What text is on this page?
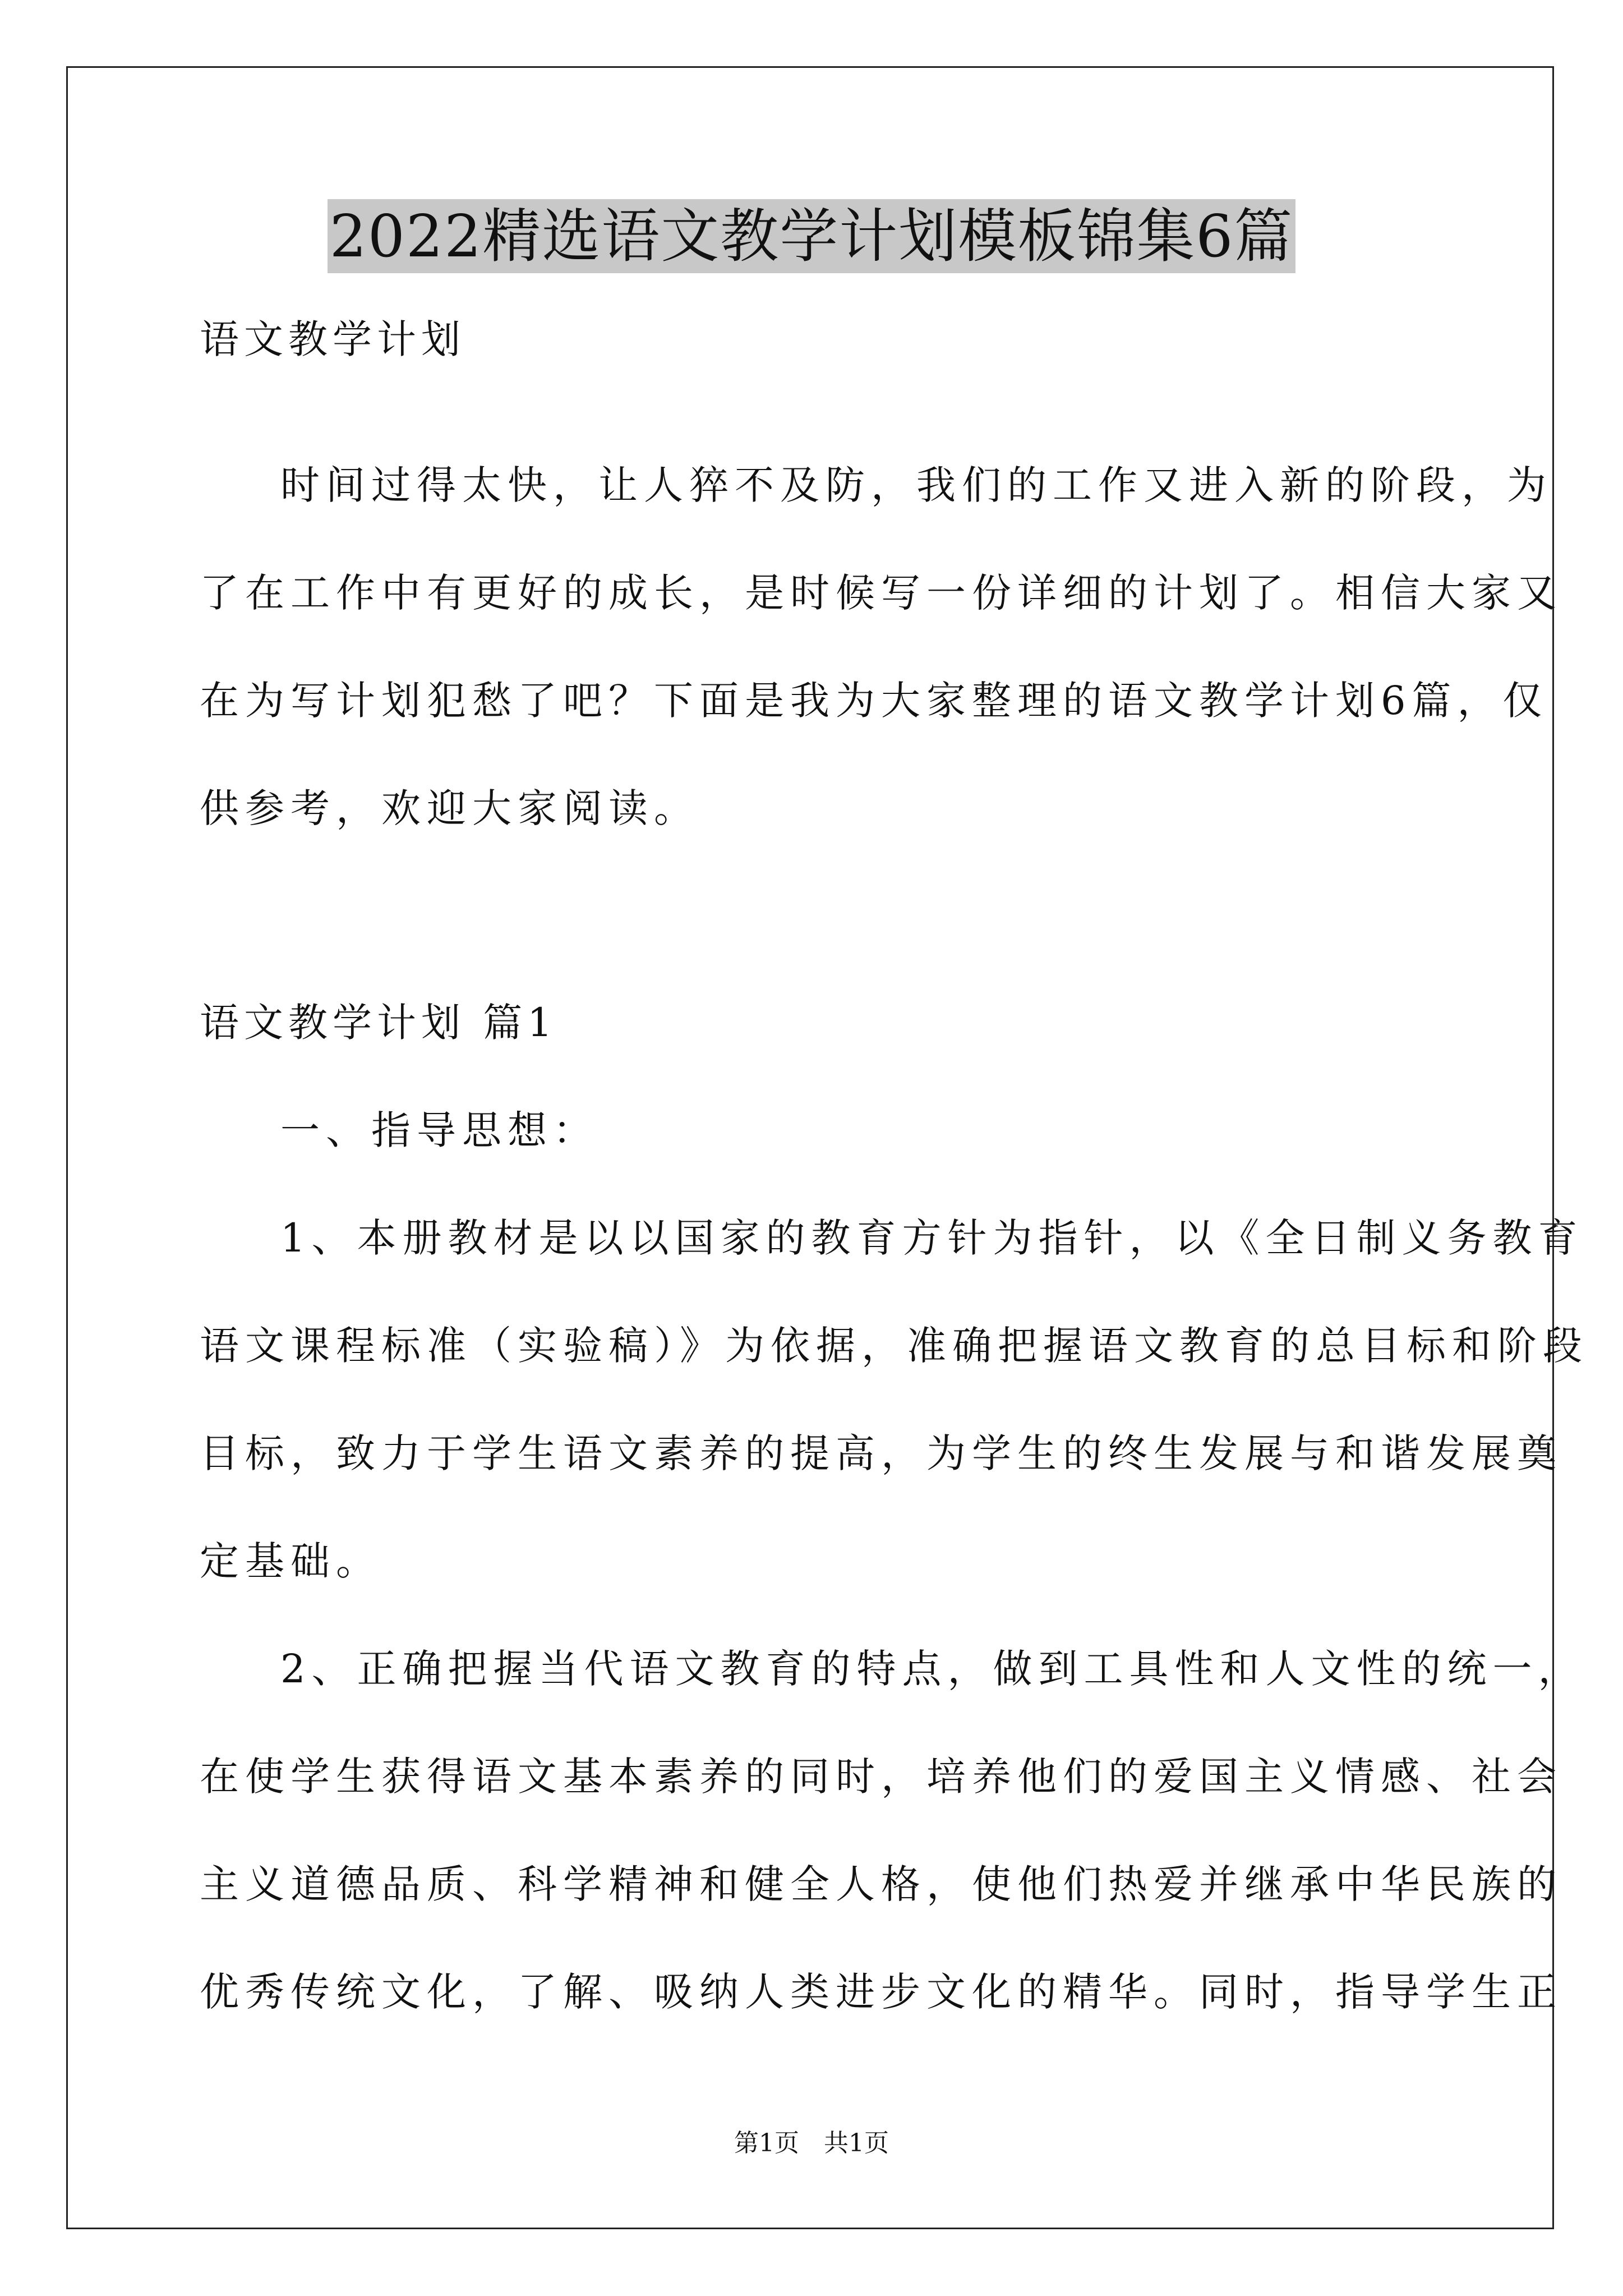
2022精选语文教学计划模板锦集6篇
语文教学计划
时间过得太快，让人猝不及防，我们的工作又进入新的阶段，为
了在工作中有更好的成长，是时候写一份详细的计划了。相信大家又
在为写计划犯愁了吧？下面是我为大家整理的语文教学计划6篇，仅
供参考，欢迎大家阅读。
语文教学计划 篇1
一、指导思想：
1、本册教材是以以国家的教育方针为指针，以《全日制义务教育
语文课程标准（实验稿）》为依据，准确把握语文教育的总目标和阶段
目标，致力于学生语文素养的提高，为学生的终生发展与和谐发展奠
定基础。
2、正确把握当代语文教育的特点，做到工具性和人文性的统一，
在使学生获得语文基本素养的同时，培养他们的爱国主义情感、社会
主义道德品质、科学精神和健全人格，使他们热爱并继承中华民族的
优秀传统文化，了解、吸纳人类进步文化的精华。同时，指导学生正
第1页　共1页
